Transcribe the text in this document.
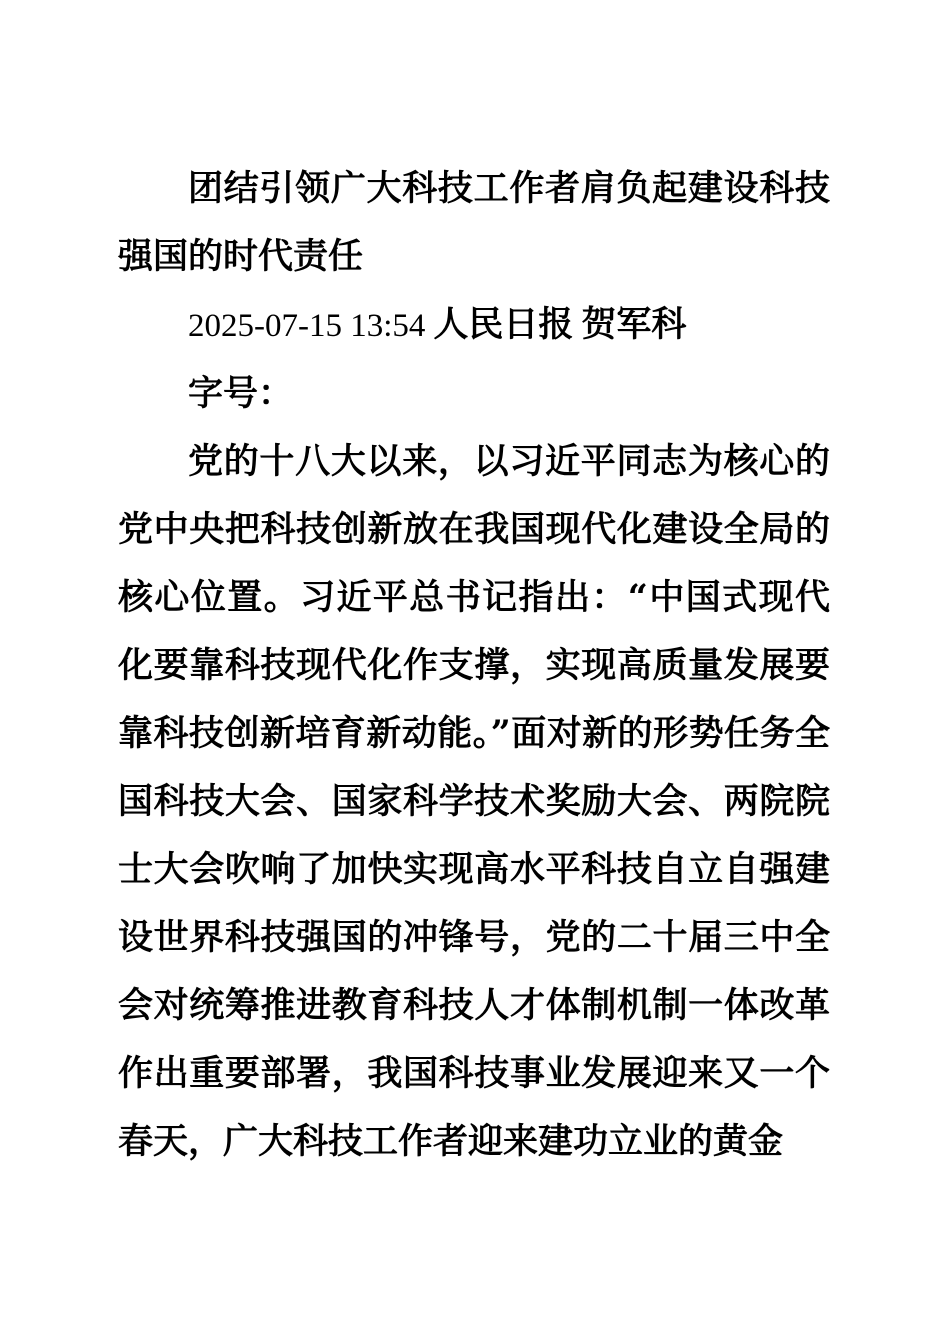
团结引领广大科技工作者肩负起建设科技强国的时代责任

2025-07-15 13:54 人民日报 贺军科

字号：

党的十八大以来，以习近平同志为核心的党中央把科技创新放在我国现代化建设全局的核心位置。习近平总书记指出：“中国式现代化要靠科技现代化作支撑，实现高质量发展要靠科技创新培育新动能。”面对新的形势任务全国科技大会、国家科学技术奖励大会、两院院士大会吹响了加快实现高水平科技自立自强建设世界科技强国的冲锋号，党的二十届三中全会对统筹推进教育科技人才体制机制一体改革作出重要部署，我国科技事业发展迎来又一个春天，广大科技工作者迎来建功立业的黄金
